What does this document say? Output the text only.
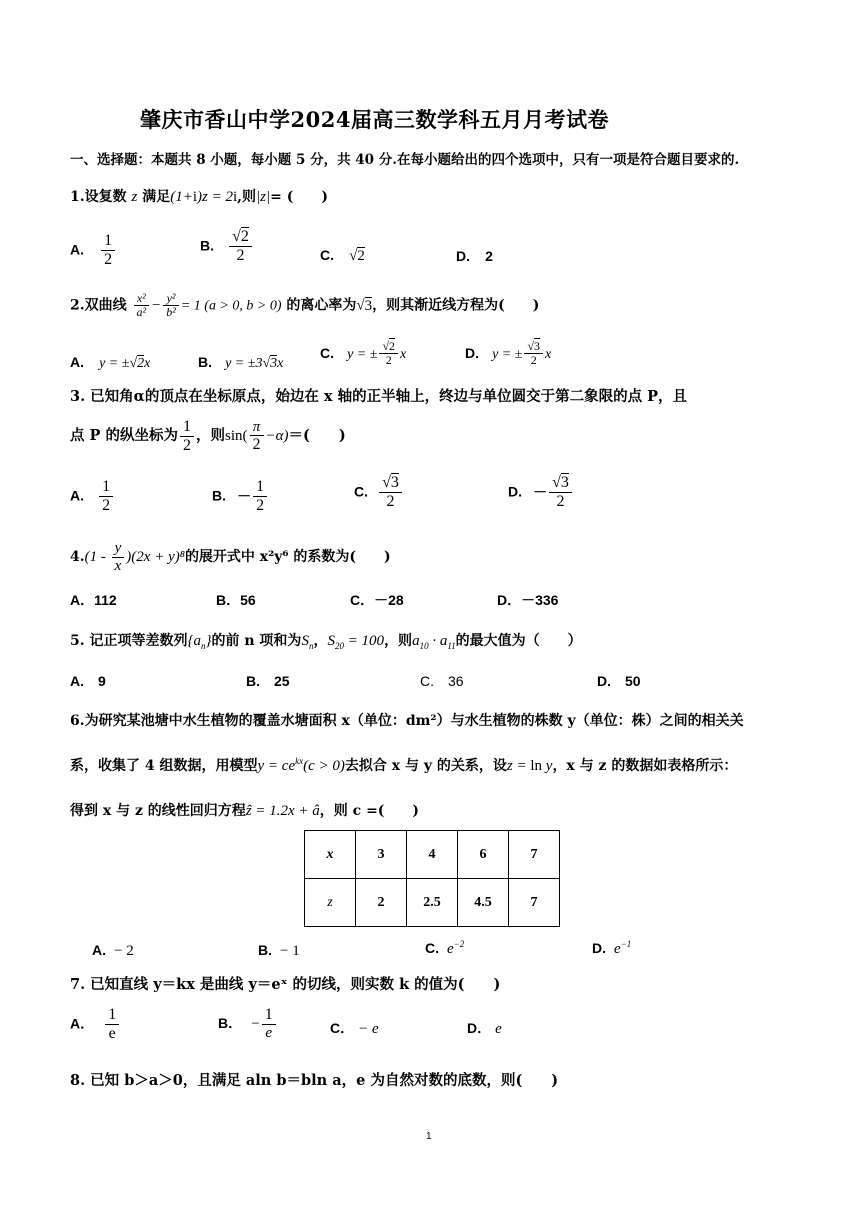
肇庆市香山中学2024届高三数学科五月月考试卷
一、选择题：本题共 8 小题，每小题 5 分，共 40 分.在每小题给出的四个选项中，只有一项是符合题目要求的.
1.设复数 z 满足(1+i)z = 2i,则|z|= (　　)
A. $\frac{1}{2}$	B. $\frac{√2}{2}$	C. √2	D. 2
2.双曲线 $\frac{\text{x²}}{\text{a²}} - \frac{\text{y²}}{\text{b²}} = 1$ (a > 0, b > 0) 的离心率为√3，则其渐近线方程为(　　)
A. y = ±√2x	B. y = ±3√3x
C. y = ± $\frac{√2}{2}$ x	D. y = ± $\frac{√3}{2}$ x
3. 已知角α的顶点在坐标原点，始边在 x 轴的正半轴上，终边与单位圆交于第二象限的点 P，且
点 P 的纵坐标为 $\frac{1}{2}$ ，则$\sin( \frac{\pi}{2} -\alpha)=$(　　)
A. $\frac{1}{2}$	B. － $\frac{1}{2}$	C. $\frac{√3}{2}$	D. － $\frac{√3}{2}$
$4.(1 - \frac{y}{x} )(2x + y)^8$的展开式中 x²y⁶ 的系数为(　　)
A．112	B．56	C．－28	D．－336
5. 记正项等差数列$\{a_n\}$的前 n 项和为$S_n$，$S_{20} = 100$，则$a_{10} \cdot a_{11}$的最大值为（　　）
A.　9	B.　25	C.　36	D.　50
6.为研究某池塘中水生植物的覆盖水塘面积 x（单位：dm²）与水生植物的株数 y（单位：株）之间的相关关
系，收集了 4 组数据，用模型$y = ce^{kx}(c > 0)$去拟合 x 与 y 的关系，设z = ln y，x 与 z 的数据如表格所示：
得到 x 与 z 的线性回归方程ẑ = 1.2x + â，则 c =(　　)
x	3	4	6	7
z	2	2.5	4.5	7
A. − 2	B. − 1	C. $e^{-2}$	D. $e^{-1}$
7. 已知直线 y＝kx 是曲线 y＝eˣ 的切线，则实数 k 的值为(　　)
A． $\frac{1}{e}$	B． − $\frac{1}{e}$	C． − e	D． e
8. 已知 b＞a＞0，且满足 aln b＝bln a，e 为自然对数的底数，则(　　)
1
